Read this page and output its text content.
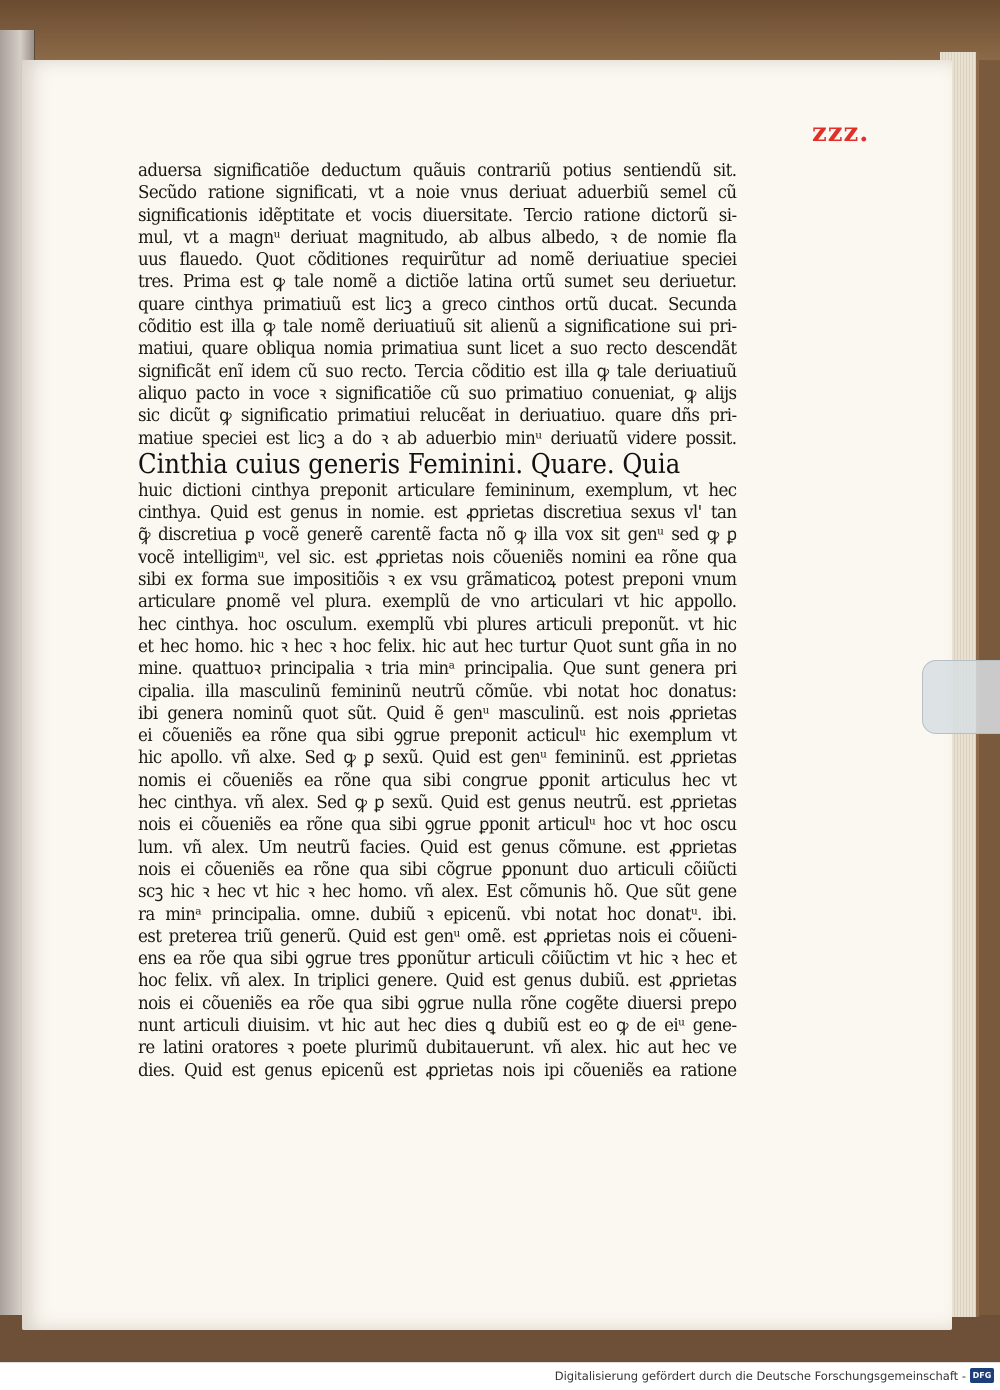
zzz.
aduersa significatiõe deductum quãuis contrariũ potius sentiendũ sit.
Secũdo ratione significati, vt a noie vnus deriuat aduerbiũ semel cũ
significationis idẽptitate et vocis diuersitate. Tercio ratione dictorũ si-
mul, vt a magnᵘ deriuat magnitudo, ab albus albedo, ꝛ de nomie fla
uus flauedo. Quot cõditiones requirũtur ad nomẽ deriuatiue speciei
tres. Prima est ꝙ tale nomẽ a dictiõe latina ortũ sumet seu deriuetur.
quare cinthya primatiuũ est licꝫ a greco cinthos ortũ ducat. Secunda
cõditio est illa ꝙ tale nomẽ deriuatiuũ sit alienũ a significatione sui pri-
matiui, quare obliqua nomia primatiua sunt licet a suo recto descendãt
significãt enĩ idem cũ suo recto. Tercia cõditio est illa ꝙ tale deriuatiuũ
aliquo pacto in voce ꝛ significatiõe cũ suo primatiuo conueniat, ꝙ alijs
sic dicũt ꝙ significatio primatiui relucẽat in deriuatiuo. quare dñs pri-
matiue speciei est licꝫ a do ꝛ ab aduerbio minᵘ deriuatũ videre possit.
Cinthia cuius generis Feminini. Quare. Quia
huic dictioni cinthya preponit articulare femininum, exemplum, vt hec
cinthya. Quid est genus in nomie. est ꝓprietas discretiua sexus vl' tan
ꝙ̃ discretiua ꝑ vocẽ generẽ carentẽ facta nõ ꝙ illa vox sit genᵘ sed ꝙ ꝑ
vocẽ intelligimᵘ, vel sic. est ꝓprietas nois cõueniẽs nomini ea rõne qua
sibi ex forma sue impositiõis ꝛ ex vsu grãmaticoꝝ potest preponi vnum
articulare ꝑnomẽ vel plura. exemplũ de vno articulari vt hic appollo.
hec cinthya. hoc osculum. exemplũ vbi plures articuli preponũt. vt hic
et hec homo. hic ꝛ hec ꝛ hoc felix. hic aut hec turtur Quot sunt gña in no
mine. quattuoꝛ principalia ꝛ tria minᵃ principalia. Que sunt genera pri
cipalia. illa masculinũ femininũ neutrũ cõmũe. vbi notat hoc donatus:
ibi genera nominũ quot sũt. Quid ẽ genᵘ masculinũ. est nois ꝓprietas
ei cõueniẽs ea rõne qua sibi ꝯgrue preponit acticulᵘ hic exemplum vt
hic apollo. vñ alxe. Sed ꝙ ꝑ sexũ. Quid est genᵘ femininũ. est ꝓprietas
nomis ei cõueniẽs ea rõne qua sibi congrue ꝑponit articulus hec vt
hec cinthya. vñ alex. Sed ꝙ ꝑ sexũ. Quid est genus neutrũ. est ꝓprietas
nois ei cõueniẽs ea rõne qua sibi ꝯgrue ꝑponit articulᵘ hoc vt hoc oscu
lum. vñ alex. Um neutrũ facies. Quid est genus cõmune. est ꝓprietas
nois ei cõueniẽs ea rõne qua sibi cõgrue ꝑponunt duo articuli cõiũcti
scꝫ hic ꝛ hec vt hic ꝛ hec homo. vñ alex. Est cõmunis hõ. Que sũt gene
ra minᵃ principalia. omne. dubiũ ꝛ epicenũ. vbi notat hoc donatᵘ. ibi.
est preterea triũ generũ. Quid est genᵘ omẽ. est ꝓprietas nois ei cõueni-
ens ea rõe qua sibi ꝯgrue tres ꝑponũtur articuli cõiũctim vt hic ꝛ hec et
hoc felix. vñ alex. In triplici genere. Quid est genus dubiũ. est ꝓprietas
nois ei cõueniẽs ea rõe qua sibi ꝯgrue nulla rõne cogẽte diuersi prepo
nunt articuli diuisim. vt hic aut hec dies ꝗ dubiũ est eo ꝙ de eiᵘ gene-
re latini oratores ꝛ poete plurimũ dubitauerunt. vñ alex. hic aut hec ve
dies. Quid est genus epicenũ est ꝓprietas nois ipi cõueniẽs ea ratione
Digitalisierung gefördert durch die Deutsche Forschungsgemeinschaft - DFG
